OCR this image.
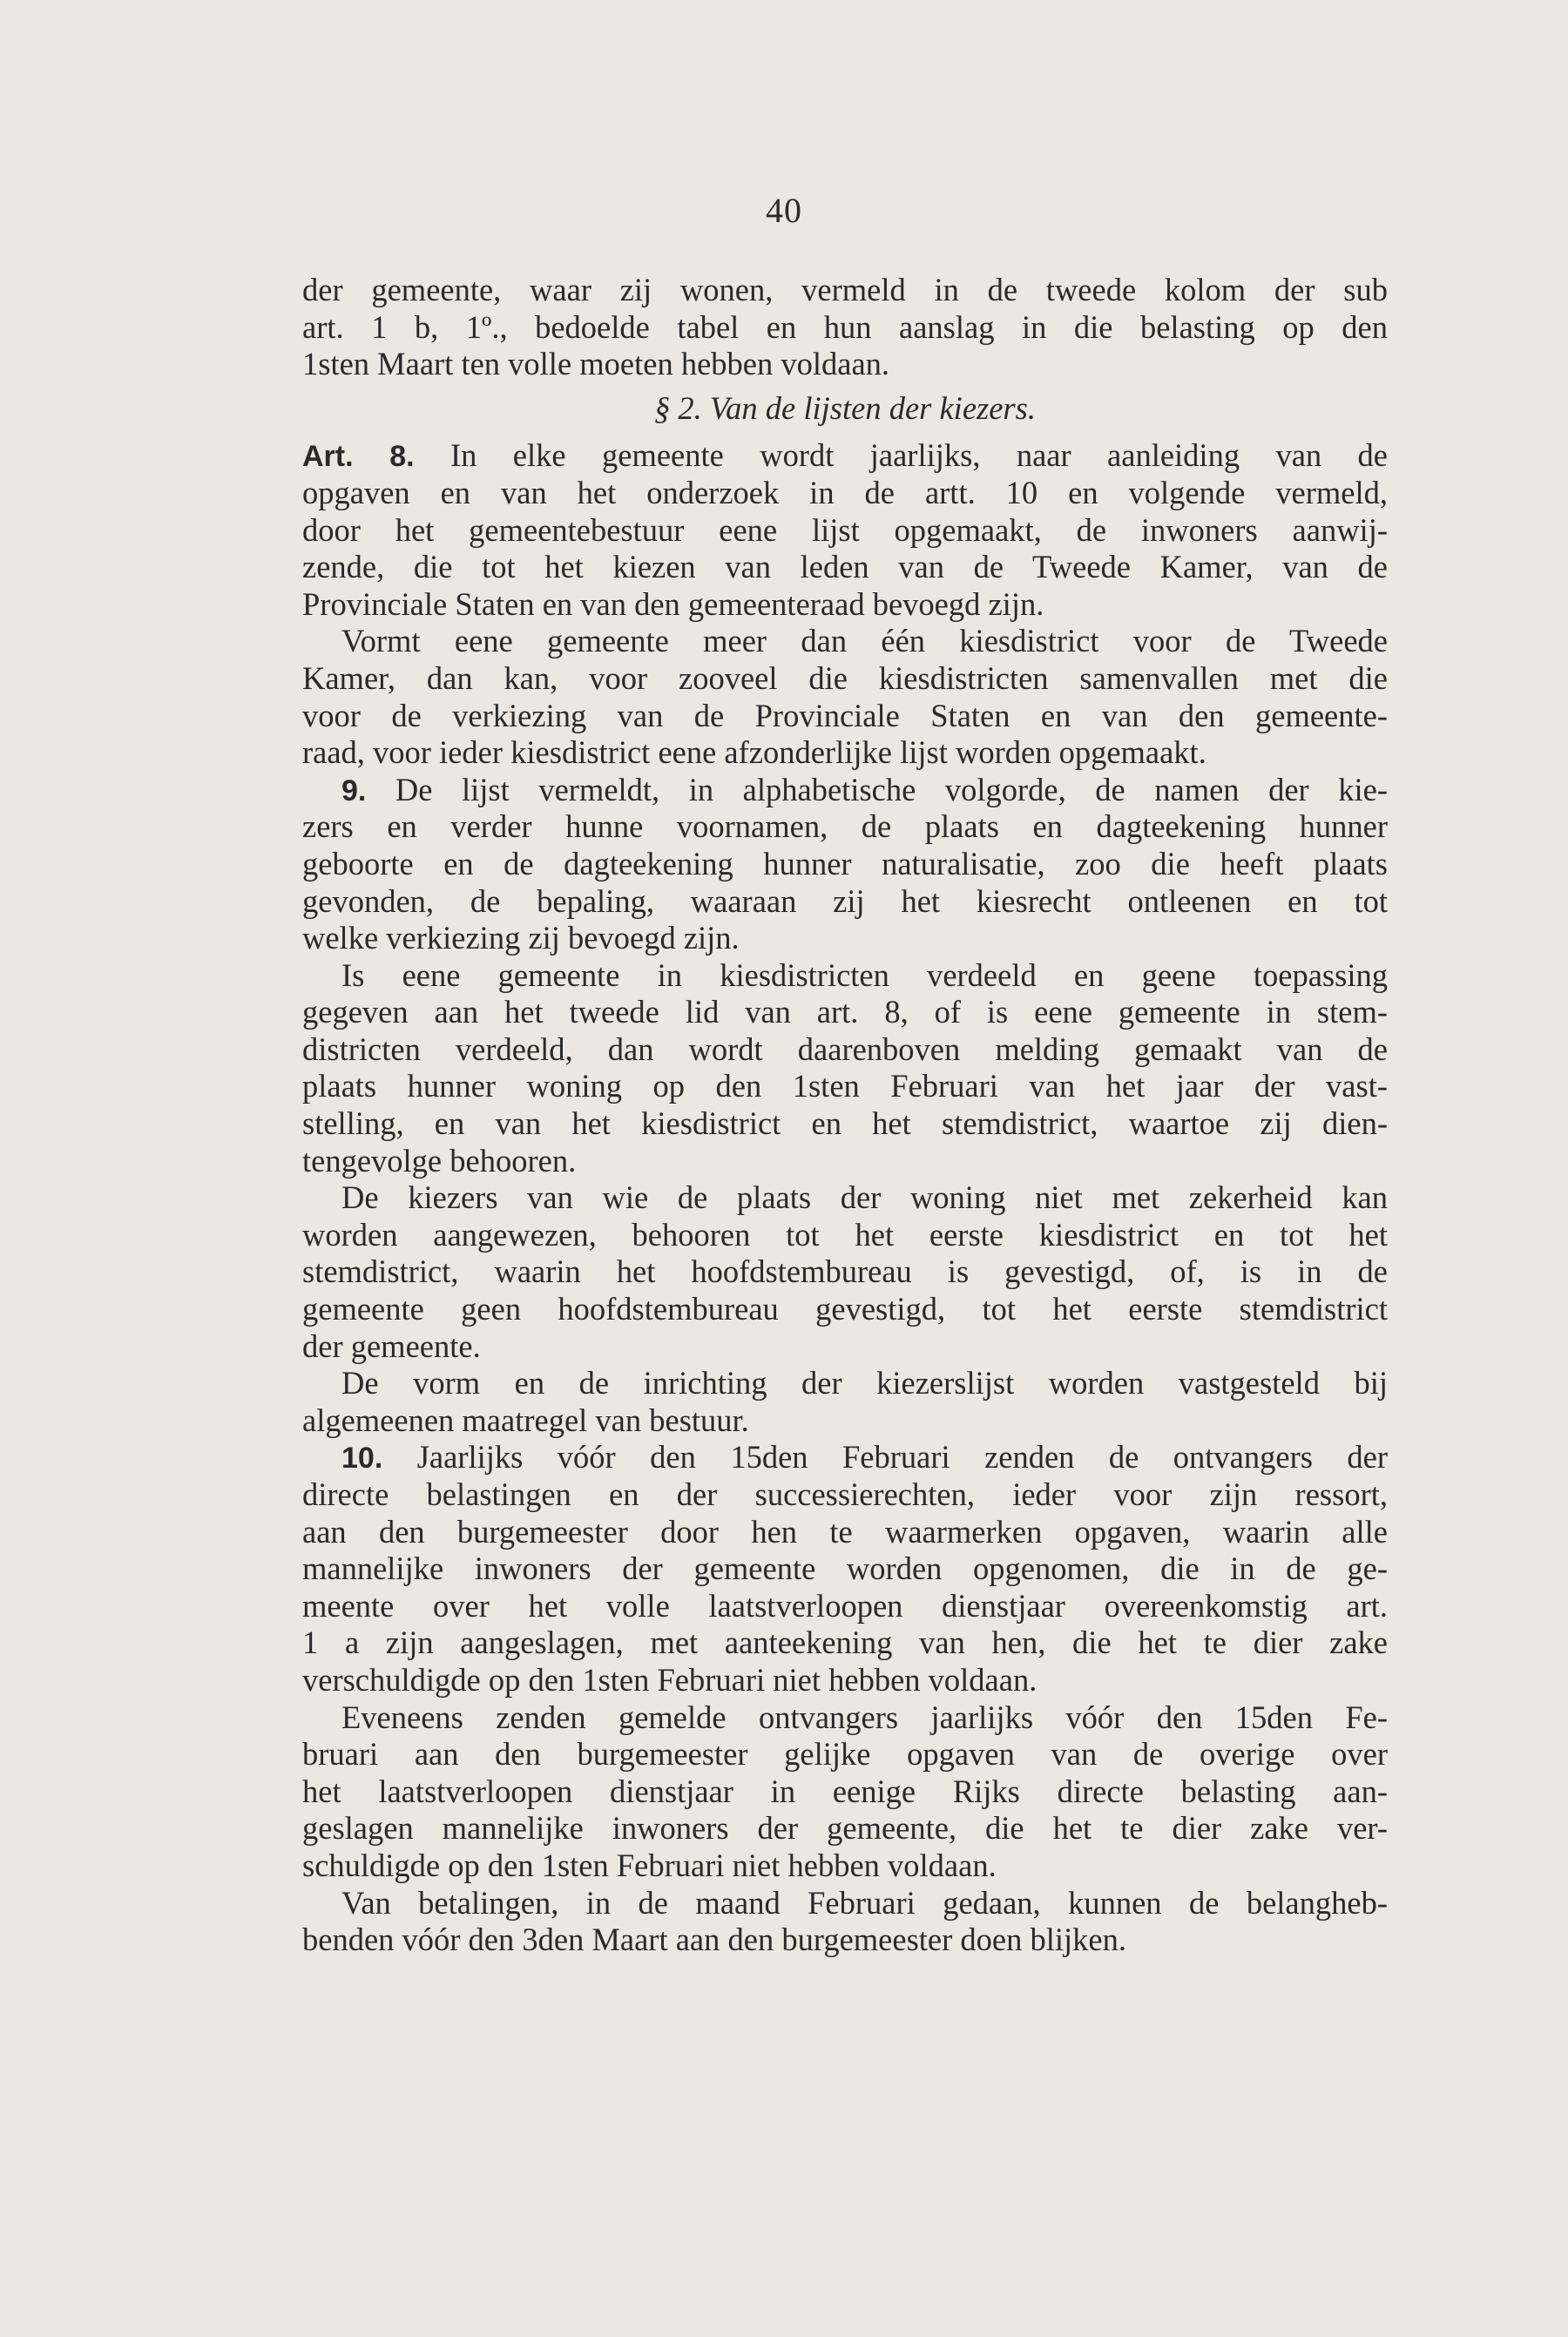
40
der gemeente, waar zij wonen, vermeld in de tweede kolom der sub
art. 1 b, 1º., bedoelde tabel en hun aanslag in die belasting op den
1sten Maart ten volle moeten hebben voldaan.
§ 2. Van de lijsten der kiezers.
Art. 8. In elke gemeente wordt jaarlijks, naar aanleiding van de
opgaven en van het onderzoek in de artt. 10 en volgende vermeld,
door het gemeentebestuur eene lijst opgemaakt, de inwoners aanwij-
zende, die tot het kiezen van leden van de Tweede Kamer, van de
Provinciale Staten en van den gemeenteraad bevoegd zijn.
Vormt eene gemeente meer dan één kiesdistrict voor de Tweede
Kamer, dan kan, voor zooveel die kiesdistricten samenvallen met die
voor de verkiezing van de Provinciale Staten en van den gemeente-
raad, voor ieder kiesdistrict eene afzonderlijke lijst worden opgemaakt.
9. De lijst vermeldt, in alphabetische volgorde, de namen der kie-
zers en verder hunne voornamen, de plaats en dagteekening hunner
geboorte en de dagteekening hunner naturalisatie, zoo die heeft plaats
gevonden, de bepaling, waaraan zij het kiesrecht ontleenen en tot
welke verkiezing zij bevoegd zijn.
Is eene gemeente in kiesdistricten verdeeld en geene toepassing
gegeven aan het tweede lid van art. 8, of is eene gemeente in stem-
districten verdeeld, dan wordt daarenboven melding gemaakt van de
plaats hunner woning op den 1sten Februari van het jaar der vast-
stelling, en van het kiesdistrict en het stemdistrict, waartoe zij dien-
tengevolge behooren.
De kiezers van wie de plaats der woning niet met zekerheid kan
worden aangewezen, behooren tot het eerste kiesdistrict en tot het
stemdistrict, waarin het hoofdstembureau is gevestigd, of, is in de
gemeente geen hoofdstembureau gevestigd, tot het eerste stemdistrict
der gemeente.
De vorm en de inrichting der kiezerslijst worden vastgesteld bij
algemeenen maatregel van bestuur.
10. Jaarlijks vóór den 15den Februari zenden de ontvangers der
directe belastingen en der successierechten, ieder voor zijn ressort,
aan den burgemeester door hen te waarmerken opgaven, waarin alle
mannelijke inwoners der gemeente worden opgenomen, die in de ge-
meente over het volle laatstverloopen dienstjaar overeenkomstig art.
1 a zijn aangeslagen, met aanteekening van hen, die het te dier zake
verschuldigde op den 1sten Februari niet hebben voldaan.
Eveneens zenden gemelde ontvangers jaarlijks vóór den 15den Fe-
bruari aan den burgemeester gelijke opgaven van de overige over
het laatstverloopen dienstjaar in eenige Rijks directe belasting aan-
geslagen mannelijke inwoners der gemeente, die het te dier zake ver-
schuldigde op den 1sten Februari niet hebben voldaan.
Van betalingen, in de maand Februari gedaan, kunnen de belangheb-
benden vóór den 3den Maart aan den burgemeester doen blijken.
